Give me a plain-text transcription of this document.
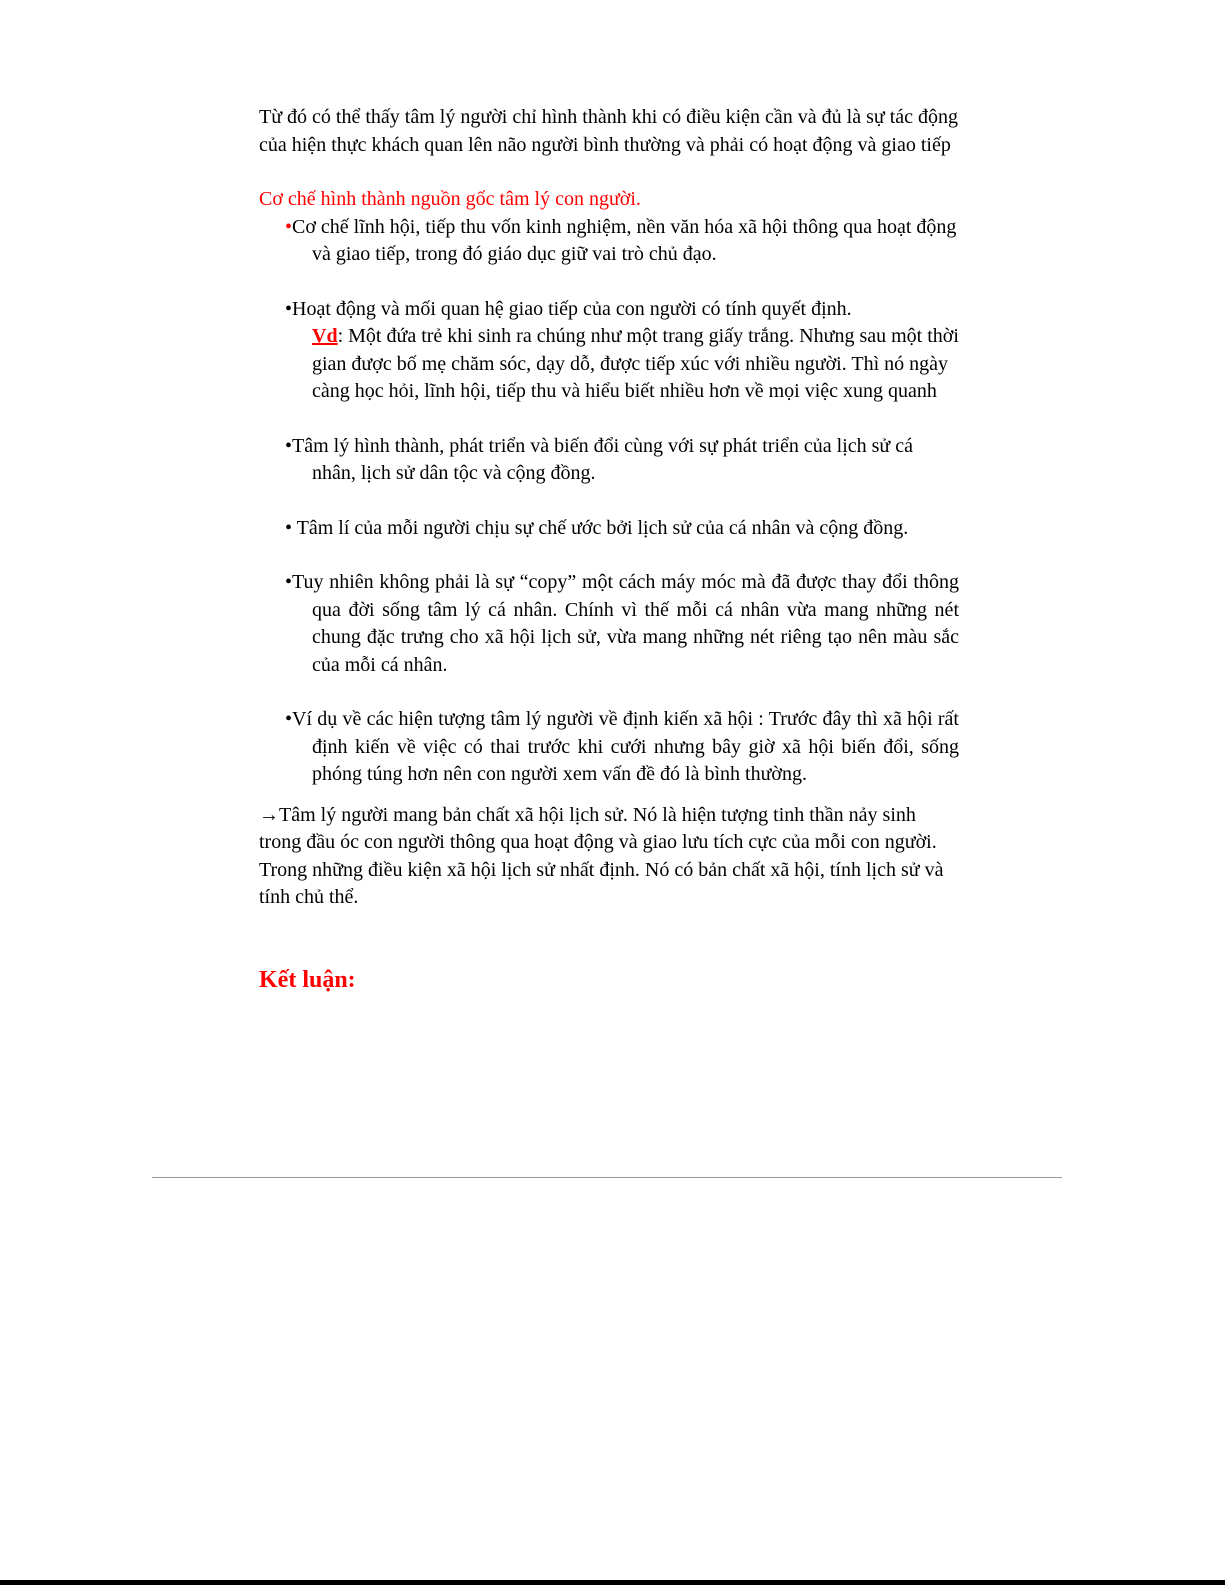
Từ đó có thể thấy tâm lý người chỉ hình thành khi có điều kiện cần và đủ là sự tác động của hiện thực khách quan lên não người bình thường và phải có hoạt động và giao tiếp

Cơ chế hình thành nguồn gốc tâm lý con người.

•Cơ chế lĩnh hội, tiếp thu vốn kinh nghiệm, nền văn hóa xã hội thông qua hoạt động và giao tiếp, trong đó giáo dục giữ vai trò chủ đạo.

•Hoạt động và mối quan hệ giao tiếp của con người có tính quyết định.

Vd: Một đứa trẻ khi sinh ra chúng như một trang giấy trắng. Nhưng sau một thời gian được bố mẹ chăm sóc, dạy dỗ, được tiếp xúc với nhiều người. Thì nó ngày càng học hỏi, lĩnh hội, tiếp thu và hiểu biết nhiều hơn về mọi việc xung quanh

•Tâm lý hình thành, phát triển và biến đổi cùng với sự phát triển của lịch sử cá nhân, lịch sử dân tộc và cộng đồng.

• Tâm lí của mỗi người chịu sự chế ước bởi lịch sử của cá nhân và cộng đồng.

•Tuy nhiên không phải là sự “copy” một cách máy móc mà đã được thay đổi thông qua đời sống tâm lý cá nhân. Chính vì thế mỗi cá nhân vừa mang những nét chung đặc trưng cho xã hội lịch sử, vừa mang những nét riêng tạo nên màu sắc của mỗi cá nhân.

•Ví dụ về các hiện tượng tâm lý người về định kiến xã hội : Trước đây thì xã hội rất định kiến về việc có thai trước khi cưới nhưng bây giờ xã hội biến đổi, sống phóng túng hơn nên con người xem vấn đề đó là bình thường.

→Tâm lý người mang bản chất xã hội lịch sử. Nó là hiện tượng tinh thần nảy sinh trong đầu óc con người thông qua hoạt động và giao lưu tích cực của mỗi con người. Trong những điều kiện xã hội lịch sử nhất định. Nó có bản chất xã hội, tính lịch sử và tính chủ thể.

Kết luận:
